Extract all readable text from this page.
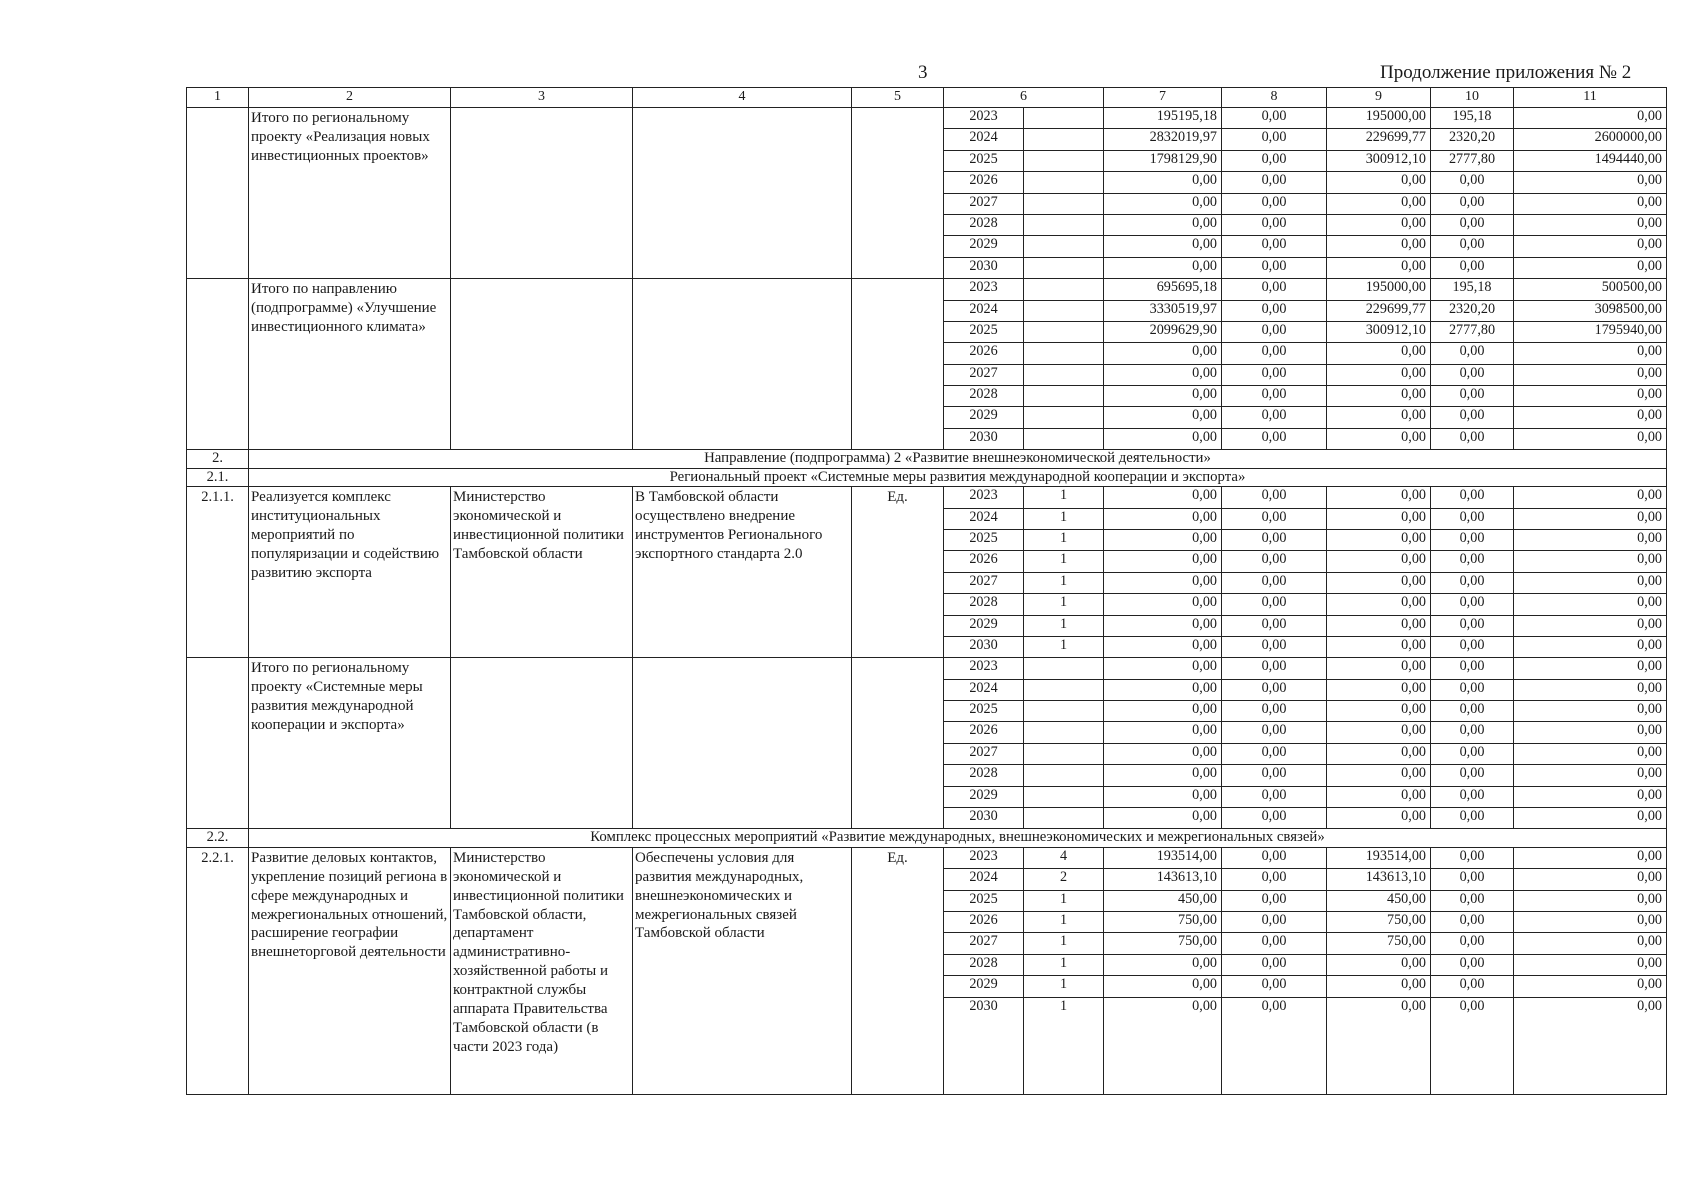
3	Продолжение приложения № 2
1	2	3	4	5	6		7	8	9	10	11
	Итого по региональному проекту «Реализация новых инвестиционных проектов»				2023		195195,18	0,00	195000,00	195,18	0,00
					2024		2832019,97	0,00	229699,77	2320,20	2600000,00
					2025		1798129,90	0,00	300912,10	2777,80	1494440,00
					2026		0,00	0,00	0,00	0,00	0,00
					2027		0,00	0,00	0,00	0,00	0,00
					2028		0,00	0,00	0,00	0,00	0,00
					2029		0,00	0,00	0,00	0,00	0,00
					2030		0,00	0,00	0,00	0,00	0,00
	Итого по направлению (подпрограмме) «Улучшение инвестиционного климата»				2023		695695,18	0,00	195000,00	195,18	500500,00
					2024		3330519,97	0,00	229699,77	2320,20	3098500,00
					2025		2099629,90	0,00	300912,10	2777,80	1795940,00
					2026		0,00	0,00	0,00	0,00	0,00
					2027		0,00	0,00	0,00	0,00	0,00
					2028		0,00	0,00	0,00	0,00	0,00
					2029		0,00	0,00	0,00	0,00	0,00
					2030		0,00	0,00	0,00	0,00	0,00
2.	Направление (подпрограмма) 2 «Развитие внешнеэкономической деятельности»										
2.1.	Региональный проект «Системные меры развития международной кооперации и экспорта»										
2.1.1.	Реализуется комплекс институциональных мероприятий по популяризации и содействию развитию экспорта	Министерство экономической и инвестиционной политики Тамбовской области	В Тамбовской области осуществлено внедрение инструментов Регионального экспортного стандарта 2.0	Ед.	2023	1	0,00	0,00	0,00	0,00	0,00
					2024	1	0,00	0,00	0,00	0,00	0,00
					2025	1	0,00	0,00	0,00	0,00	0,00
					2026	1	0,00	0,00	0,00	0,00	0,00
					2027	1	0,00	0,00	0,00	0,00	0,00
					2028	1	0,00	0,00	0,00	0,00	0,00
					2029	1	0,00	0,00	0,00	0,00	0,00
					2030	1	0,00	0,00	0,00	0,00	0,00
	Итого по региональному проекту «Системные меры развития международной кооперации и экспорта»				2023		0,00	0,00	0,00	0,00	0,00
					2024		0,00	0,00	0,00	0,00	0,00
					2025		0,00	0,00	0,00	0,00	0,00
					2026		0,00	0,00	0,00	0,00	0,00
					2027		0,00	0,00	0,00	0,00	0,00
					2028		0,00	0,00	0,00	0,00	0,00
					2029		0,00	0,00	0,00	0,00	0,00
					2030		0,00	0,00	0,00	0,00	0,00
2.2.	Комплекс процессных мероприятий «Развитие международных, внешнеэкономических и межрегиональных связей»										
2.2.1.	Развитие деловых контактов, укрепление позиций региона в сфере международных и межрегиональных отношений, расширение географии внешнеторговой деятельности	Министерство экономической и инвестиционной политики Тамбовской области, департамент административно-хозяйственной работы и контрактной службы аппарата Правительства Тамбовской области (в части 2023 года)	Обеспечены условия для развития международных, внешнеэкономических и межрегиональных связей Тамбовской области	Ед.	2023	4	193514,00	0,00	193514,00	0,00	0,00
					2024	2	143613,10	0,00	143613,10	0,00	0,00
					2025	1	450,00	0,00	450,00	0,00	0,00
					2026	1	750,00	0,00	750,00	0,00	0,00
					2027	1	750,00	0,00	750,00	0,00	0,00
					2028	1	0,00	0,00	0,00	0,00	0,00
					2029	1	0,00	0,00	0,00	0,00	0,00
					2030	1	0,00	0,00	0,00	0,00	0,00
